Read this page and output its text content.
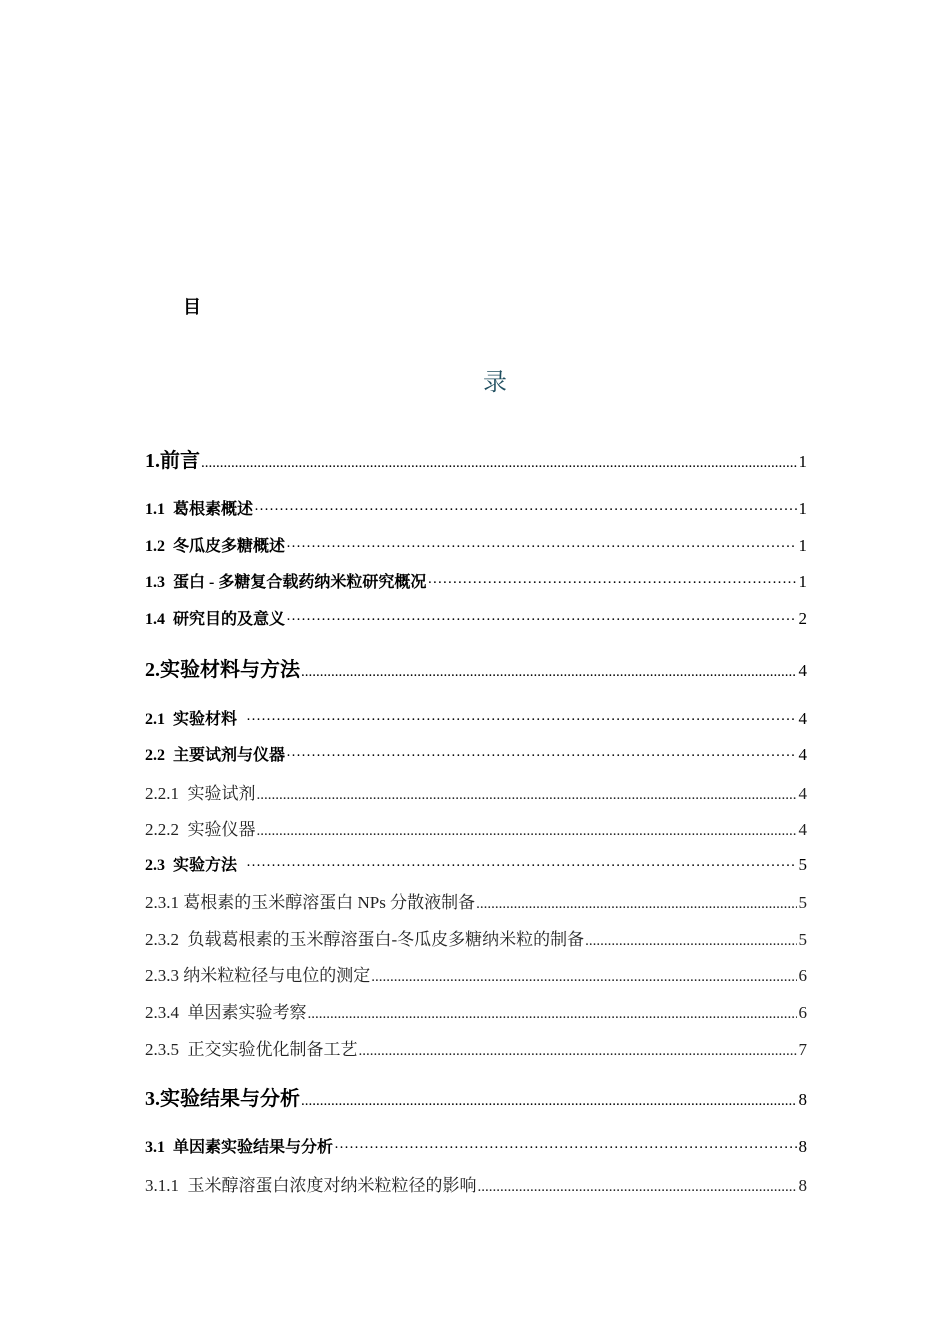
目
录
1.前言 .....	1
1.1  葛根素概述 ·····	1
1.2  冬瓜皮多糖概述 ·····	1
1.3  蛋白 - 多糖复合载药纳米粒研究概况 ·····	1
1.4  研究目的及意义 ·····	2
2.实验材料与方法 .....	4
2.1  实验材料 ·····	4
2.2  主要试剂与仪器 ·····	4
2.2.1  实验试剂 .....	4
2.2.2  实验仪器 .....	4
2.3  实验方法 ·····	5
2.3.1 葛根素的玉米醇溶蛋白 NPs 分散液制备 .....	5
2.3.2  负载葛根素的玉米醇溶蛋白-冬瓜皮多糖纳米粒的制备 .....	5
2.3.3 纳米粒粒径与电位的测定 .....	6
2.3.4  单因素实验考察 .....	6
2.3.5  正交实验优化制备工艺 .....	7
3.实验结果与分析 .....	8
3.1  单因素实验结果与分析 ·····	8
3.1.1  玉米醇溶蛋白浓度对纳米粒粒径的影响 .....	8
